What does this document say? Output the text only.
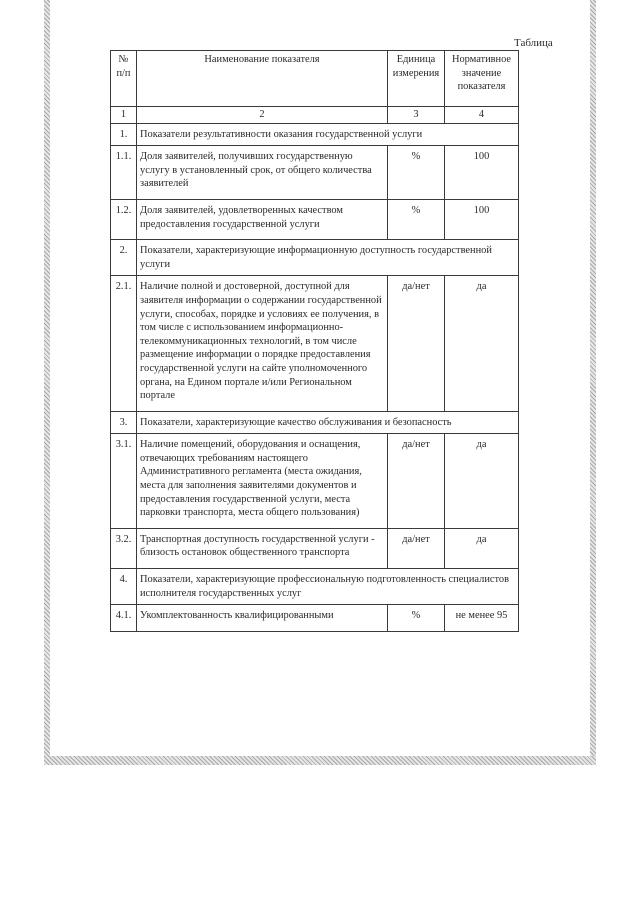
Таблица
№ п/п	Наименование показателя	Единица измерения	Нормативное значение показателя
1	2	3	4
1.	Показатели результативности оказания государственной услуги		
1.1.	Доля заявителей, получивших государственную услугу в установленный срок, от общего количества заявителей	%	100
1.2.	Доля заявителей, удовлетворенных качеством предоставления государственной услуги	%	100
2.	Показатели, характеризующие информационную доступность государственной услуги		
2.1.	Наличие полной и достоверной, доступной для заявителя информации о содержании государственной услуги, способах, порядке и условиях ее получения, в том числе с использованием информационно-телекоммуникационных технологий, в том числе размещение информации о порядке предоставления государственной услуги на сайте уполномоченного органа, на Едином портале и/или Региональном портале	да/нет	да
3.	Показатели, характеризующие качество обслуживания и безопасность		
3.1.	Наличие помещений, оборудования и оснащения, отвечающих требованиям настоящего Административного регламента (места ожидания, места для заполнения заявителями документов и предоставления государственной услуги, места парковки транспорта, места общего пользования)	да/нет	да
3.2.	Транспортная доступность государственной услуги - близость остановок общественного транспорта	да/нет	да
4.	Показатели, характеризующие профессиональную подготовленность специалистов исполнителя государственных услуг		
4.1.	Укомплектованность квалифицированными	%	не менее 95
